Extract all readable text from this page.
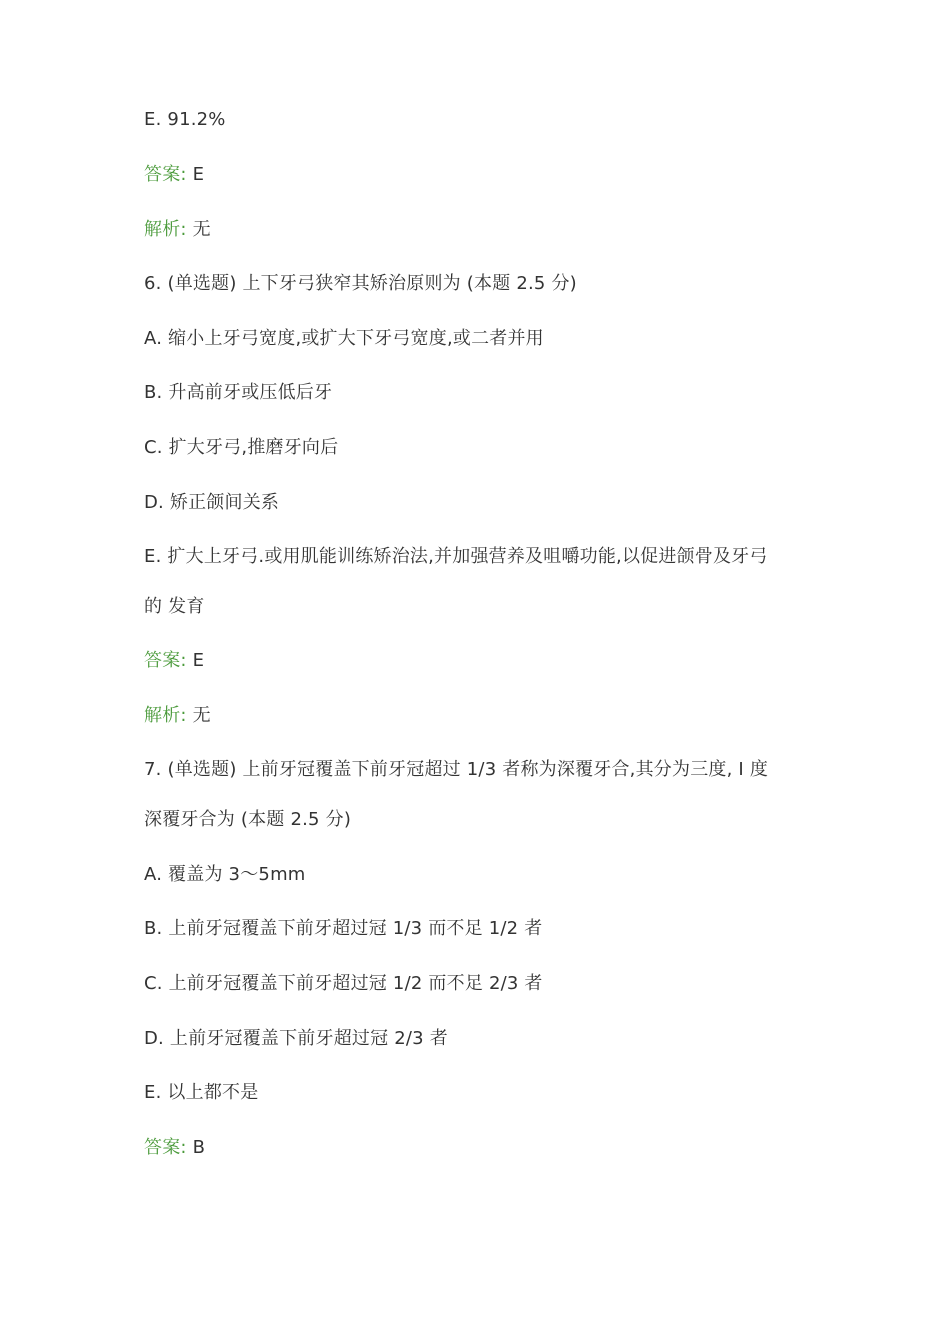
E. 91.2%
答案: E
解析: 无
6. (单选题) 上下牙弓狭窄其矫治原则为 (本题 2.5 分)
A. 缩小上牙弓宽度,或扩大下牙弓宽度,或二者并用
B. 升高前牙或压低后牙
C. 扩大牙弓,推磨牙向后
D. 矫正颌间关系
E. 扩大上牙弓.或用肌能训练矫治法,并加强营养及咀嚼功能,以促进颌骨及牙弓
的 发育
答案: E
解析: 无
7. (单选题) 上前牙冠覆盖下前牙冠超过 1/3 者称为深覆牙合,其分为三度, I 度
深覆牙合为 (本题 2.5 分)
A. 覆盖为 3～5mm
B. 上前牙冠覆盖下前牙超过冠 1/3 而不足 1/2 者
C. 上前牙冠覆盖下前牙超过冠 1/2 而不足 2/3 者
D. 上前牙冠覆盖下前牙超过冠 2/3 者
E. 以上都不是
答案: B
